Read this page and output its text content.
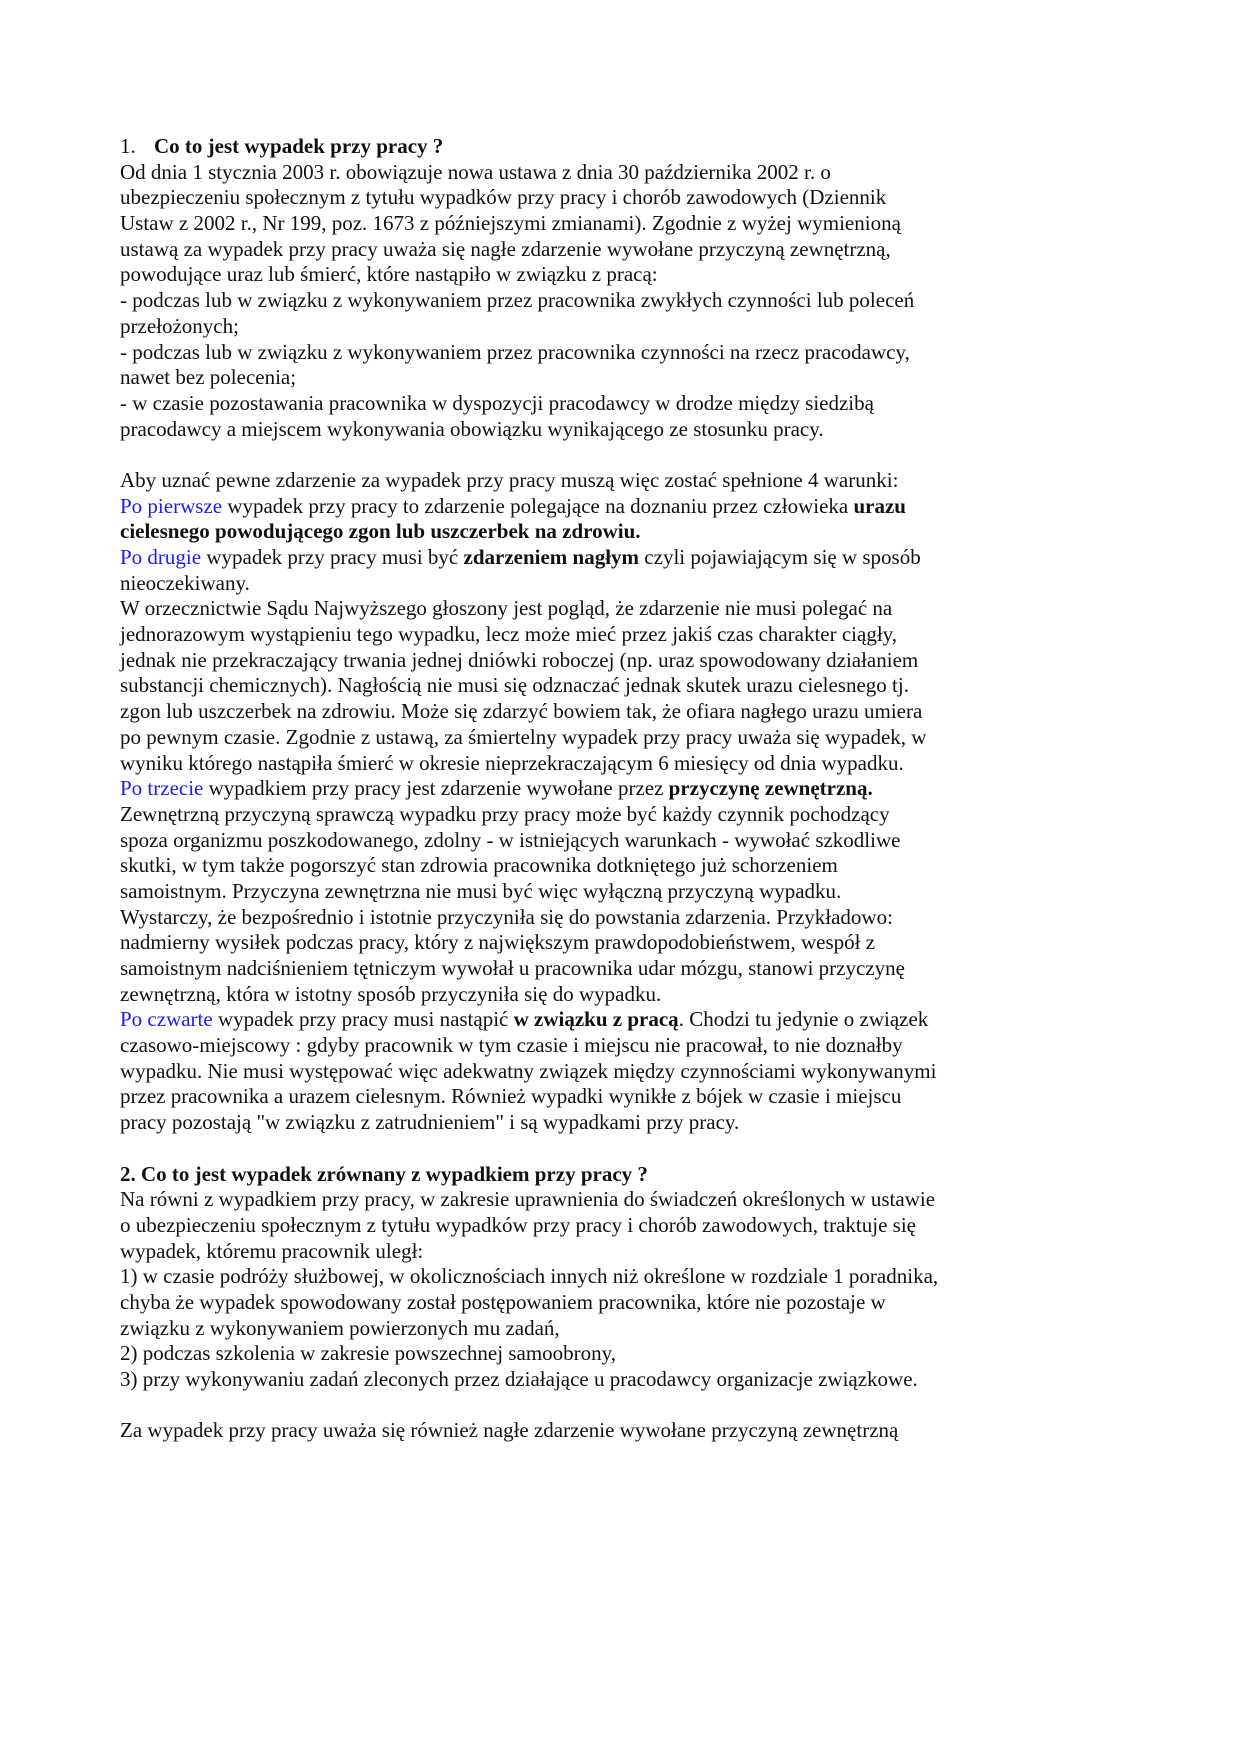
1. Co to jest wypadek przy pracy ?
Od dnia 1 stycznia 2003 r. obowiązuje nowa ustawa z dnia 30 października 2002 r. o
ubezpieczeniu społecznym z tytułu wypadków przy pracy i chorób zawodowych (Dziennik
Ustaw z 2002 r., Nr 199, poz. 1673 z późniejszymi zmianami). Zgodnie z wyżej wymienioną
ustawą za wypadek przy pracy uważa się nagłe zdarzenie wywołane przyczyną zewnętrzną,
powodujące uraz lub śmierć, które nastąpiło w związku z pracą:
- podczas lub w związku z wykonywaniem przez pracownika zwykłych czynności lub poleceń
przełożonych;
- podczas lub w związku z wykonywaniem przez pracownika czynności na rzecz pracodawcy,
nawet bez polecenia;
- w czasie pozostawania pracownika w dyspozycji pracodawcy w drodze między siedzibą
pracodawcy a miejscem wykonywania obowiązku wynikającego ze stosunku pracy.
Aby uznać pewne zdarzenie za wypadek przy pracy muszą więc zostać spełnione 4 warunki:
Po pierwsze wypadek przy pracy to zdarzenie polegające na doznaniu przez człowieka urazu
cielesnego powodującego zgon lub uszczerbek na zdrowiu.
Po drugie wypadek przy pracy musi być zdarzeniem nagłym czyli pojawiającym się w sposób
nieoczekiwany.
W orzecznictwie Sądu Najwyższego głoszony jest pogląd, że zdarzenie nie musi polegać na
jednorazowym wystąpieniu tego wypadku, lecz może mieć przez jakiś czas charakter ciągły,
jednak nie przekraczający trwania jednej dniówki roboczej (np. uraz spowodowany działaniem
substancji chemicznych). Nagłością nie musi się odznaczać jednak skutek urazu cielesnego tj.
zgon lub uszczerbek na zdrowiu. Może się zdarzyć bowiem tak, że ofiara nagłego urazu umiera
po pewnym czasie. Zgodnie z ustawą, za śmiertelny wypadek przy pracy uważa się wypadek, w
wyniku którego nastąpiła śmierć w okresie nieprzekraczającym 6 miesięcy od dnia wypadku.
Po trzecie wypadkiem przy pracy jest zdarzenie wywołane przez przyczynę zewnętrzną.
Zewnętrzną przyczyną sprawczą wypadku przy pracy może być każdy czynnik pochodzący
spoza organizmu poszkodowanego, zdolny - w istniejących warunkach - wywołać szkodliwe
skutki, w tym także pogorszyć stan zdrowia pracownika dotkniętego już schorzeniem
samoistnym. Przyczyna zewnętrzna nie musi być więc wyłączną przyczyną wypadku.
Wystarczy, że bezpośrednio i istotnie przyczyniła się do powstania zdarzenia. Przykładowo:
nadmierny wysiłek podczas pracy, który z największym prawdopodobieństwem, wespół z
samoistnym nadciśnieniem tętniczym wywołał u pracownika udar mózgu, stanowi przyczynę
zewnętrzną, która w istotny sposób przyczyniła się do wypadku.
Po czwarte wypadek przy pracy musi nastąpić w związku z pracą. Chodzi tu jedynie o związek
czasowo-miejscowy : gdyby pracownik w tym czasie i miejscu nie pracował, to nie doznałby
wypadku. Nie musi występować więc adekwatny związek między czynnościami wykonywanymi
przez pracownika a urazem cielesnym. Również wypadki wynikłe z bójek w czasie i miejscu
pracy pozostają "w związku z zatrudnieniem" i są wypadkami przy pracy.
2. Co to jest wypadek zrównany z wypadkiem przy pracy ?
Na równi z wypadkiem przy pracy, w zakresie uprawnienia do świadczeń określonych w ustawie
o ubezpieczeniu społecznym z tytułu wypadków przy pracy i chorób zawodowych, traktuje się
wypadek, któremu pracownik uległ:
1) w czasie podróży służbowej, w okolicznościach innych niż określone w rozdziale 1 poradnika,
chyba że wypadek spowodowany został postępowaniem pracownika, które nie pozostaje w
związku z wykonywaniem powierzonych mu zadań,
2) podczas szkolenia w zakresie powszechnej samoobrony,
3) przy wykonywaniu zadań zleconych przez działające u pracodawcy organizacje związkowe.
Za wypadek przy pracy uważa się również nagłe zdarzenie wywołane przyczyną zewnętrzną
